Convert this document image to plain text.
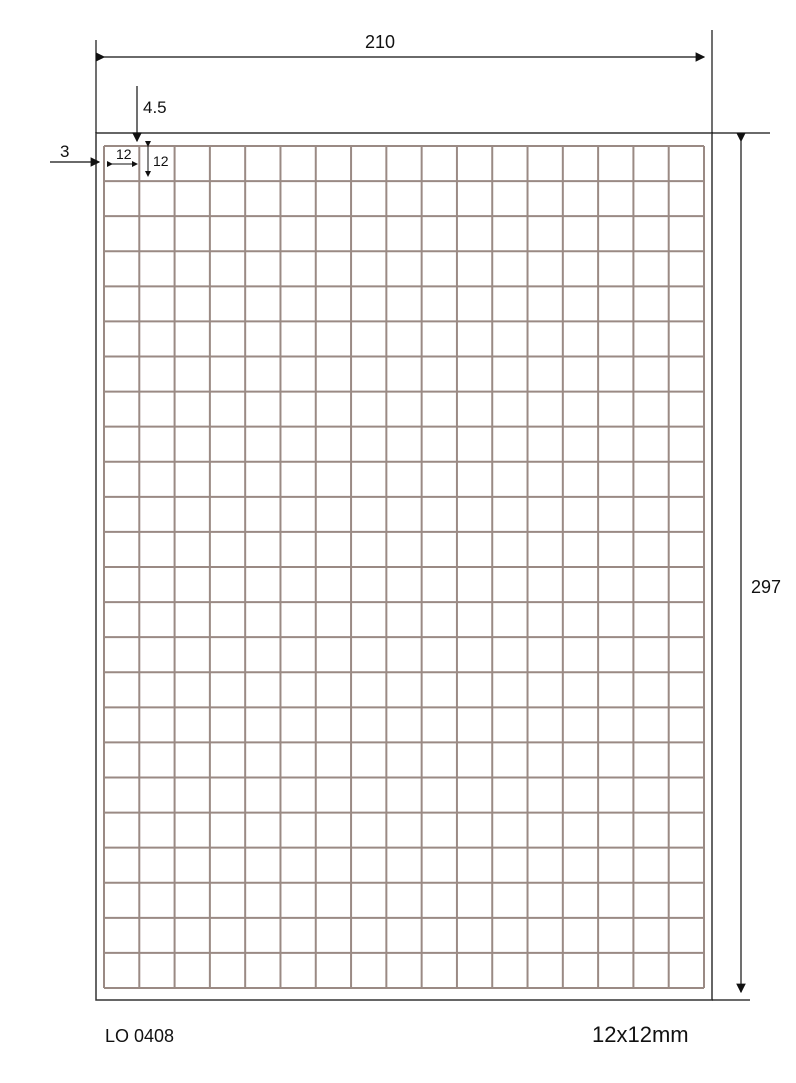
210
297
4.5
3	12 12
LO 0408	12x12mm
